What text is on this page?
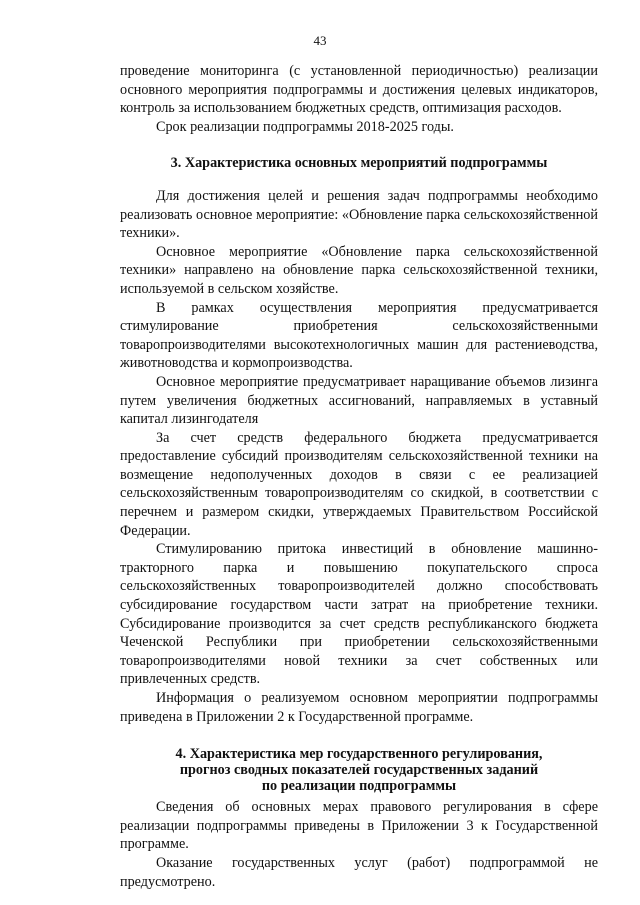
43

проведение мониторинга (с установленной периодичностью) реализации основного мероприятия подпрограммы и достижения целевых индикаторов, контроль за использованием бюджетных средств, оптимизация расходов.

Срок реализации подпрограммы 2018-2025 годы.

3. Характеристика основных мероприятий подпрограммы

Для достижения целей и решения задач подпрограммы необходимо реализовать основное мероприятие: «Обновление парка сельскохозяйственной техники».

Основное мероприятие «Обновление парка сельскохозяйственной техники» направлено на обновление парка сельскохозяйственной техники, используемой в сельском хозяйстве.

В рамках осуществления мероприятия предусматривается стимулирование приобретения сельскохозяйственными товаропроизводителями высокотехнологичных машин для растениеводства, животноводства и кормопроизводства.

Основное мероприятие предусматривает наращивание объемов лизинга путем увеличения бюджетных ассигнований, направляемых в уставный капитал лизингодателя

За счет средств федерального бюджета предусматривается предоставление субсидий производителям сельскохозяйственной техники на возмещение недополученных доходов в связи с ее реализацией сельскохозяйственным товаропроизводителям со скидкой, в соответствии с перечнем и размером скидки, утверждаемых Правительством Российской Федерации.

Стимулированию притока инвестиций в обновление машинно-тракторного парка и повышению покупательского спроса сельскохозяйственных товаропроизводителей должно способствовать субсидирование государством части затрат на приобретение техники. Субсидирование производится за счет средств республиканского бюджета Чеченской Республики при приобретении сельскохозяйственными товаропроизводителями новой техники за счет собственных или привлеченных средств.

Информация о реализуемом основном мероприятии подпрограммы приведена в Приложении 2 к Государственной программе.

4. Характеристика мер государственного регулирования,
прогноз сводных показателей государственных заданий
по реализации подпрограммы

Сведения об основных мерах правового регулирования в сфере реализации подпрограммы приведены в Приложении 3 к Государственной программе.

Оказание государственных услуг (работ) подпрограммой не предусмотрено.
